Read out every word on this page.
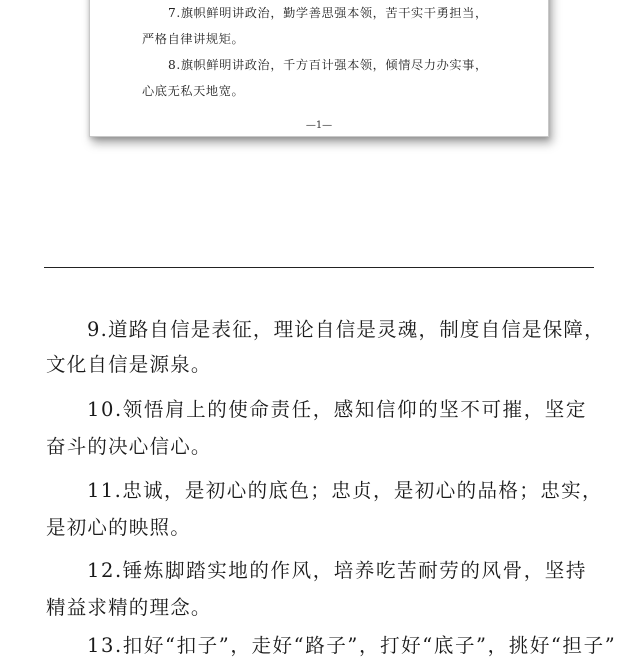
7.旗帜鲜明讲政治，勤学善思强本领，苦干实干勇担当，
严格自律讲规矩。
8.旗帜鲜明讲政治，千方百计强本领，倾情尽力办实事，
心底无私天地宽。
—1—
9.道路自信是表征，理论自信是灵魂，制度自信是保障，
文化自信是源泉。
10.领悟肩上的使命责任，感知信仰的坚不可摧，坚定
奋斗的决心信心。
11.忠诚，是初心的底色；忠贞，是初心的品格；忠实，
是初心的映照。
12.锤炼脚踏实地的作风，培养吃苦耐劳的风骨，坚持
精益求精的理念。
13.扣好“扣子”，走好“路子”，打好“底子”，挑好“担子”
